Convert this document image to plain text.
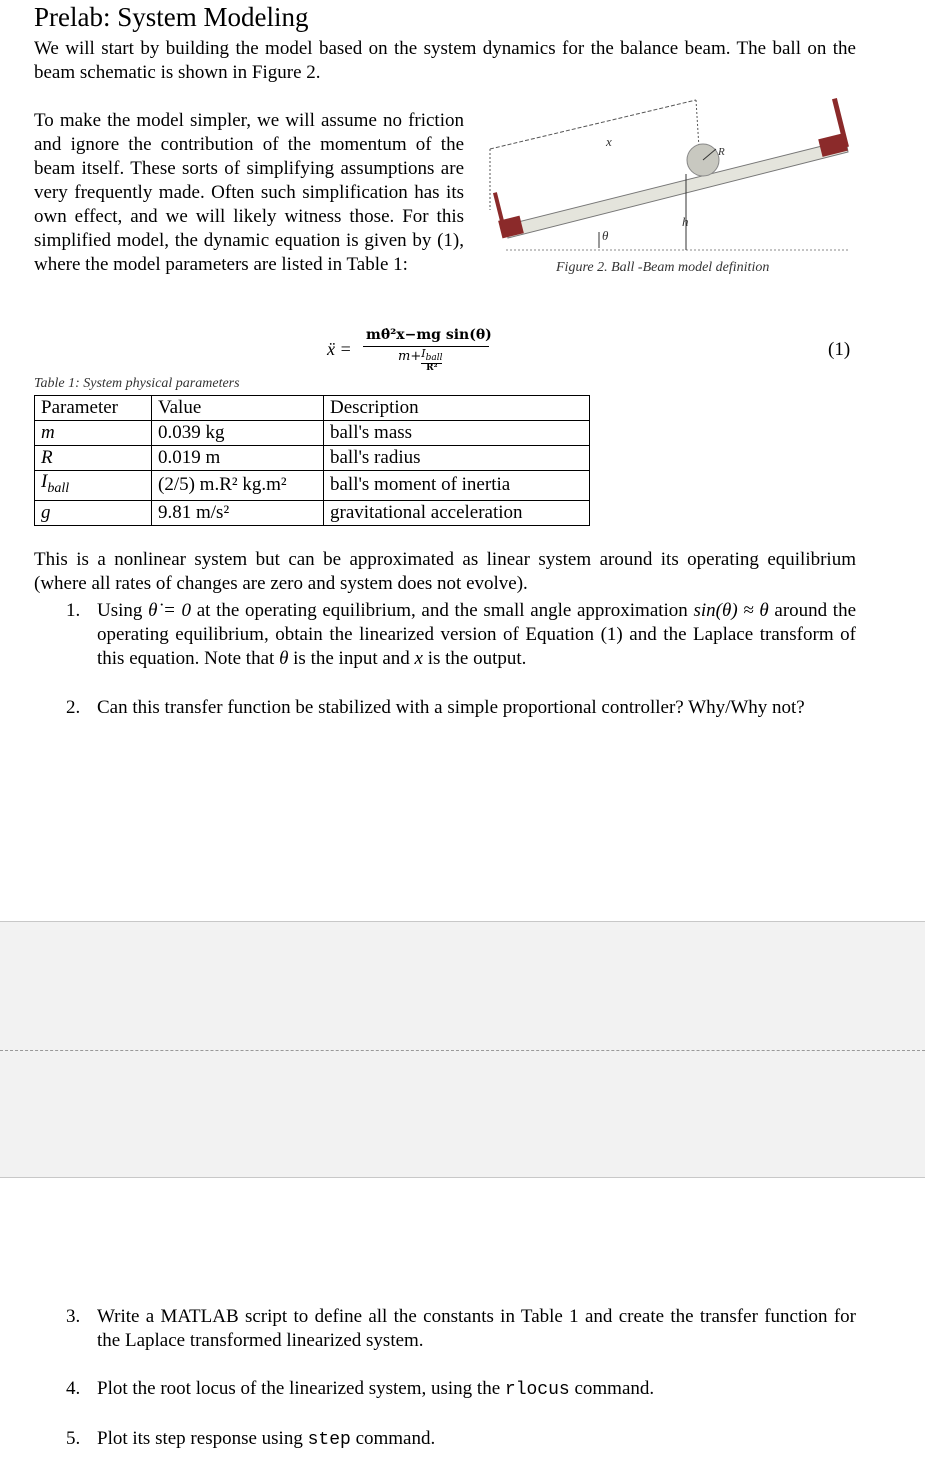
Prelab: System Modeling
We will start by building the model based on the system dynamics for the balance beam. The ball on the beam schematic is shown in Figure 2.
To make the model simpler, we will assume no friction and ignore the contribution of the momentum of the beam itself. These sorts of simplifying assumptions are very frequently made. Often such simplification has its own effect, and we will likely witness those. For this simplified model, the dynamic equation is given by (1), where the model parameters are listed in Table 1:
x
R
θ
h
Figure 2. Ball -Beam model definition
ẍ =
mθ̇²x−mg sin(θ)
$m+ I_{ball}$
R²
(1)
Table 1: System physical parameters
Parameter	Value	Description
m	0.039 kg	ball's mass
R	0.019 m	ball's radius
$I_{ball}$	(2/5) m.R² kg.m²	ball's moment of inertia
g	9.81 m/s²	gravitational acceleration
This is a nonlinear system but can be approximated as linear system around its operating equilibrium (where all rates of changes are zero and system does not evolve).
1. Using θ̇ = 0 at the operating equilibrium, and the small angle approximation sin(θ) ≈ θ around the operating equilibrium, obtain the linearized version of Equation (1) and the Laplace transform of this equation. Note that θ is the input and x is the output.
2. Can this transfer function be stabilized with a simple proportional controller? Why/Why not?
3. Write a MATLAB script to define all the constants in Table 1 and create the transfer function for the Laplace transformed linearized system.
4. Plot the root locus of the linearized system, using the rlocus command.
5. Plot its step response using step command.
